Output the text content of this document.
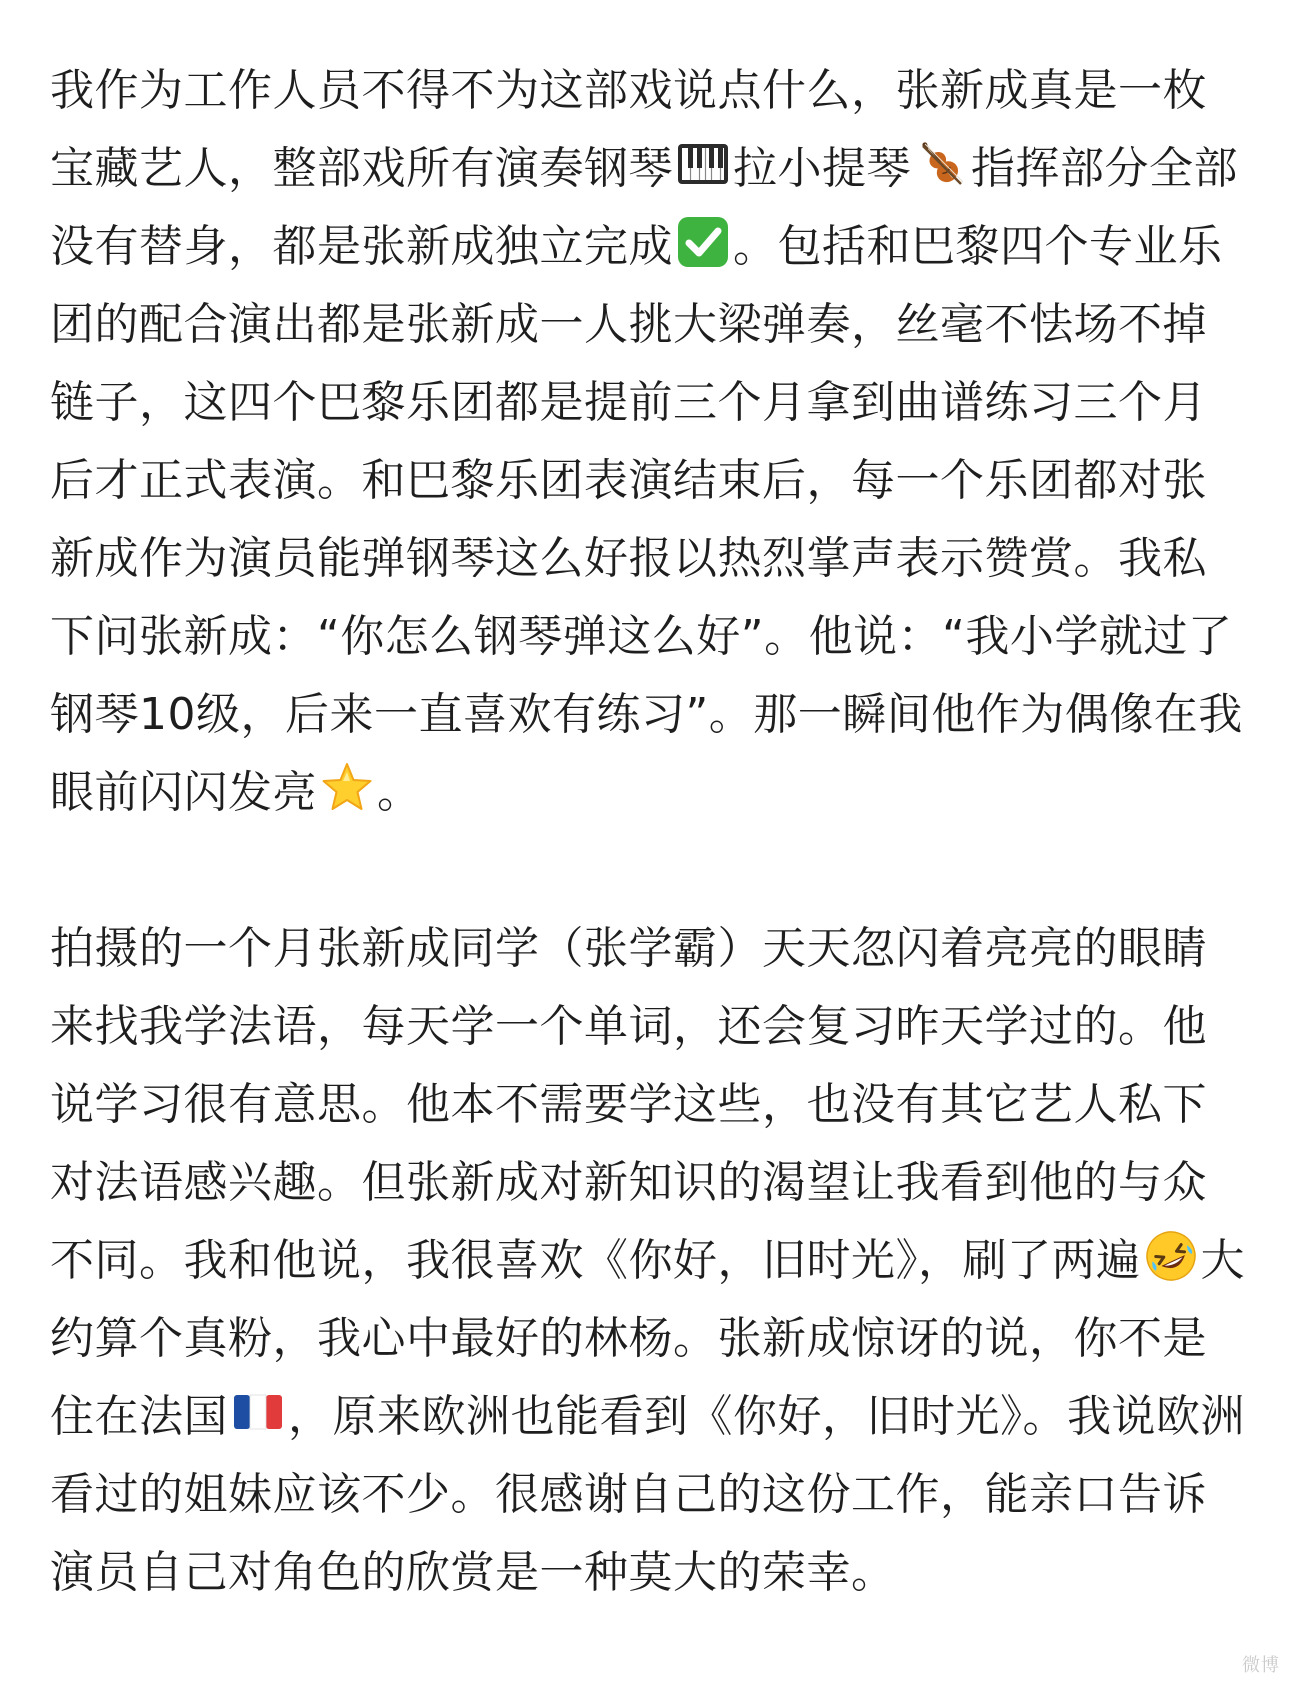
我作为工作人员不得不为这部戏说点什么，张新成真是一枚宝藏艺人，整部戏所有演奏钢琴 拉小提琴 指挥部分全部没有替身，都是张新成独立完成 。包括和巴黎四个专业乐团的配合演出都是张新成一人挑大梁弹奏，丝毫不怯场不掉链子，这四个巴黎乐团都是提前三个月拿到曲谱练习三个月后才正式表演。和巴黎乐团表演结束后，每一个乐团都对张新成作为演员能弹钢琴这么好报以热烈掌声表示赞赏。我私下问张新成：“你怎么钢琴弹这么好”。他说：“我小学就过了钢琴10级，后来一直喜欢有练习”。那一瞬间他作为偶像在我眼前闪闪发亮 。

拍摄的一个月张新成同学（张学霸）天天忽闪着亮亮的眼睛来找我学法语，每天学一个单词，还会复习昨天学过的。他说学习很有意思。他本不需要学这些，也没有其它艺人私下对法语感兴趣。但张新成对新知识的渴望让我看到他的与众不同。我和他说，我很喜欢《你好，旧时光》，刷了两遍 大约算个真粉，我心中最好的林杨。张新成惊讶的说，你不是住在法国 ，原来欧洲也能看到《你好，旧时光》。我说欧洲看过的姐妹应该不少。很感谢自己的这份工作，能亲口告诉演员自己对角色的欣赏是一种莫大的荣幸。

微博
